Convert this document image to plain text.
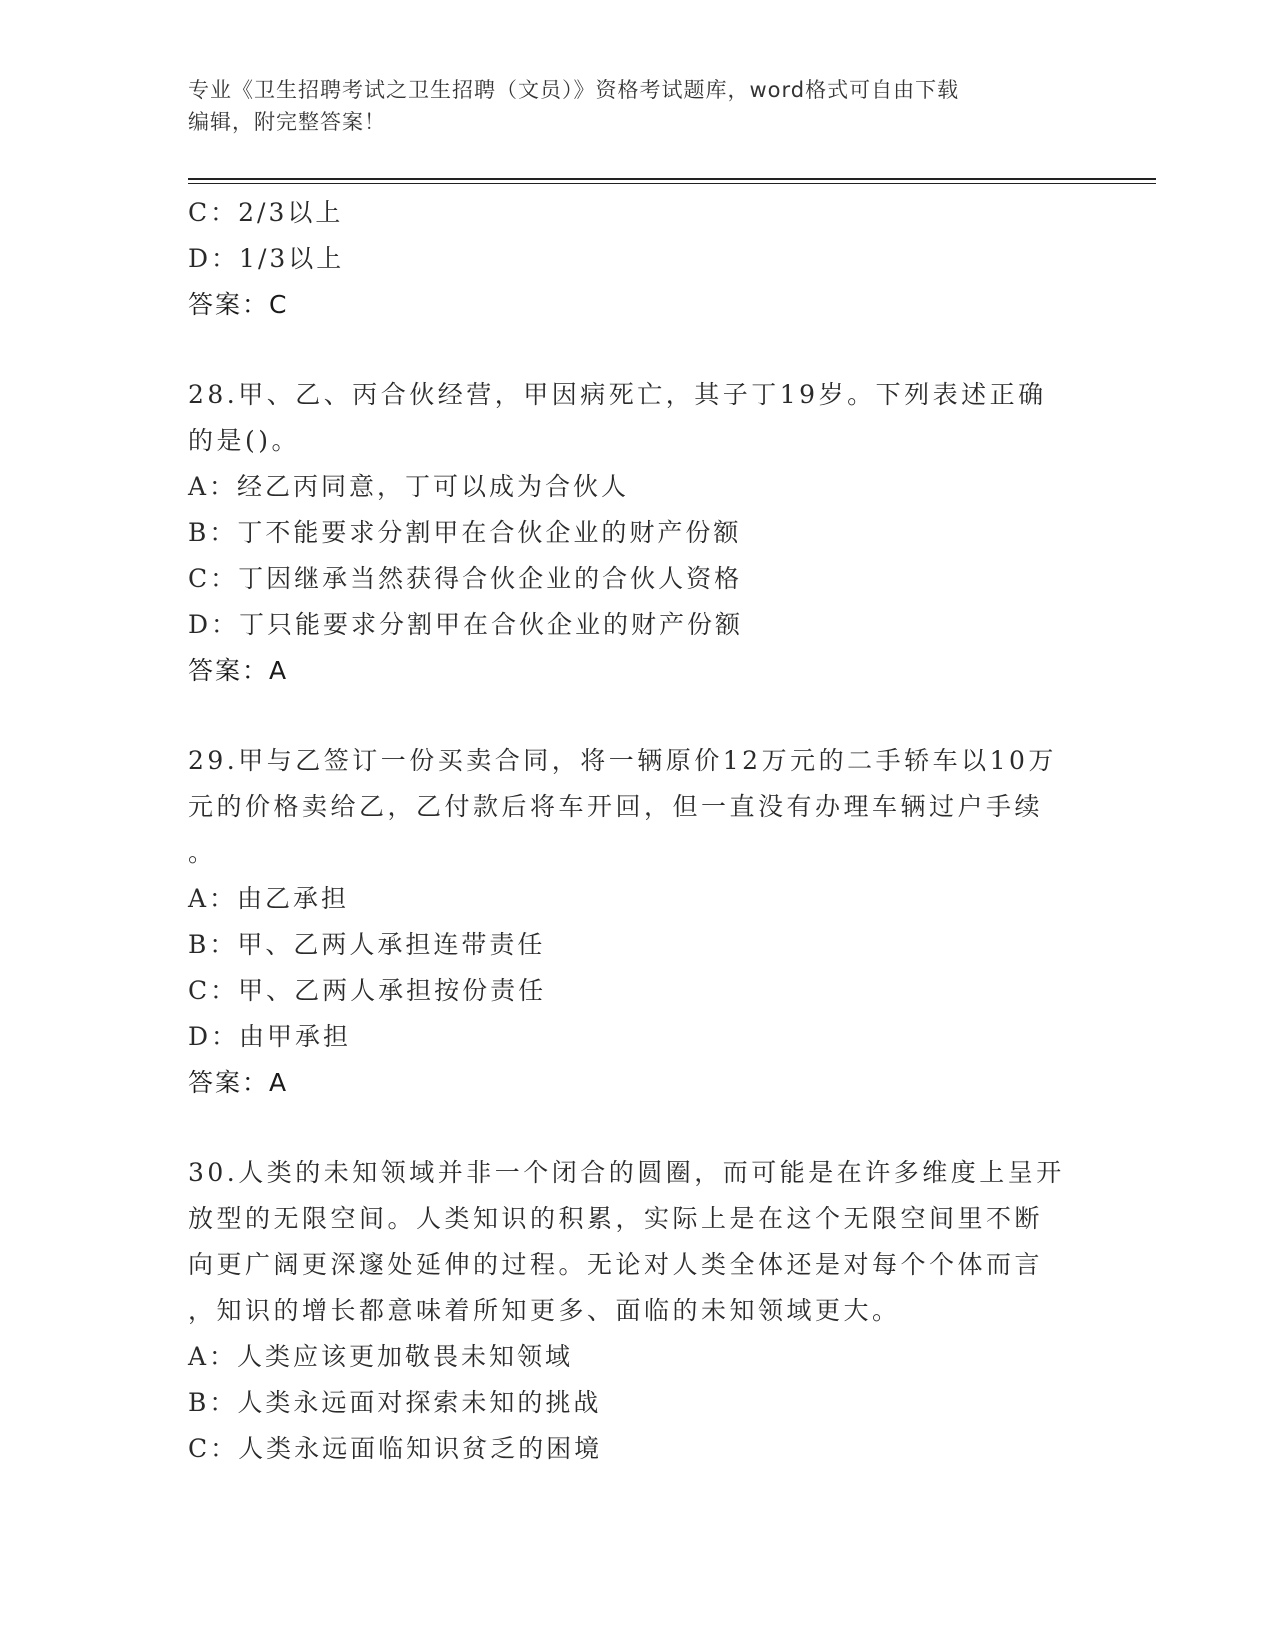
专业《卫生招聘考试之卫生招聘（文员）》资格考试题库，word格式可自由下载
编辑，附完整答案！
C：2/3以上
D：1/3以上
答案：C
28.甲、乙、丙合伙经营，甲因病死亡，其子丁19岁。下列表述正确
的是()。
A：经乙丙同意，丁可以成为合伙人
B：丁不能要求分割甲在合伙企业的财产份额
C：丁因继承当然获得合伙企业的合伙人资格
D：丁只能要求分割甲在合伙企业的财产份额
答案：A
29.甲与乙签订一份买卖合同，将一辆原价12万元的二手轿车以10万
元的价格卖给乙，乙付款后将车开回，但一直没有办理车辆过户手续
。
A：由乙承担
B：甲、乙两人承担连带责任
C：甲、乙两人承担按份责任
D：由甲承担
答案：A
30.人类的未知领域并非一个闭合的圆圈，而可能是在许多维度上呈开
放型的无限空间。人类知识的积累，实际上是在这个无限空间里不断
向更广阔更深邃处延伸的过程。无论对人类全体还是对每个个体而言
，知识的增长都意味着所知更多、面临的未知领域更大。
A：人类应该更加敬畏未知领域
B：人类永远面对探索未知的挑战
C：人类永远面临知识贫乏的困境
